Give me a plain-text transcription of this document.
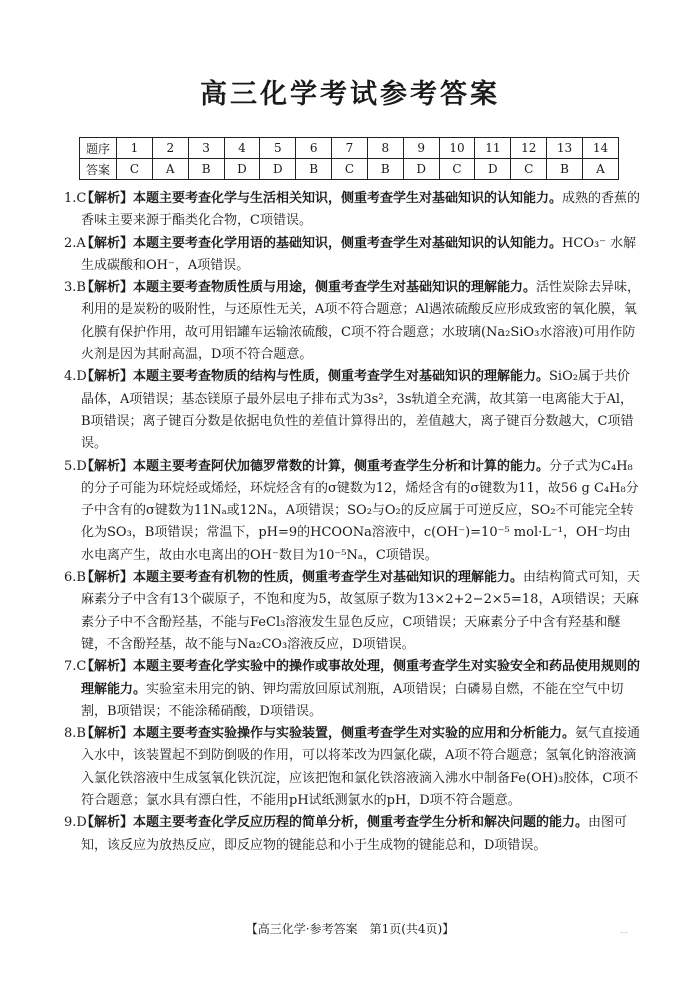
高三化学考试参考答案
题序	1	2	3	4	5	6	7	8	9	10	11	12	13	14
答案	C	A	B	D	D	B	C	B	D	C	D	C	B	A
1.C
【解析】本题主要考查化学与生活相关知识，侧重考查学生对基础知识的认知能力。成熟的香蕉的香味主要来源于酯类化合物，C项错误。
2.A
【解析】本题主要考查化学用语的基础知识，侧重考查学生对基础知识的认知能力。HCO₃⁻ 水解生成碳酸和OH⁻，A项错误。
3.B
【解析】本题主要考查物质性质与用途，侧重考查学生对基础知识的理解能力。活性炭除去异味，利用的是炭粉的吸附性，与还原性无关，A项不符合题意；Al遇浓硫酸反应形成致密的氧化膜，氧化膜有保护作用，故可用铝罐车运输浓硫酸，C项不符合题意；水玻璃(Na₂SiO₃水溶液)可用作防火剂是因为其耐高温，D项不符合题意。
4.D
【解析】本题主要考查物质的结构与性质，侧重考查学生对基础知识的理解能力。SiO₂属于共价晶体，A项错误；基态镁原子最外层电子排布式为3s²，3s轨道全充满，故其第一电离能大于Al，B项错误；离子键百分数是依据电负性的差值计算得出的，差值越大，离子键百分数越大，C项错误。
5.D
【解析】本题主要考查阿伏加德罗常数的计算，侧重考查学生分析和计算的能力。分子式为C₄H₈的分子可能为环烷烃或烯烃，环烷烃含有的σ键数为12，烯烃含有的σ键数为11，故56 g C₄H₈分子中含有的σ键数为11Nₐ或12Nₐ，A项错误；SO₂与O₂的反应属于可逆反应，SO₂不可能完全转化为SO₃，B项错误；常温下，pH=9的HCOONa溶液中，c(OH⁻)=10⁻⁵ mol·L⁻¹，OH⁻均由水电离产生，故由水电离出的OH⁻数目为10⁻⁵Nₐ，C项错误。
6.B
【解析】本题主要考查有机物的性质，侧重考查学生对基础知识的理解能力。由结构简式可知，天麻素分子中含有13个碳原子，不饱和度为5，故氢原子数为13×2+2−2×5=18，A项错误；天麻素分子中不含酚羟基，不能与FeCl₃溶液发生显色反应，C项错误；天麻素分子中含有羟基和醚键，不含酚羟基，故不能与Na₂CO₃溶液反应，D项错误。
7.C
【解析】本题主要考查化学实验中的操作或事故处理，侧重考查学生对实验安全和药品使用规则的理解能力。实验室未用完的钠、钾均需放回原试剂瓶，A项错误；白磷易自燃，不能在空气中切割，B项错误；不能涂稀硝酸，D项错误。
8.B
【解析】本题主要考查实验操作与实验装置，侧重考查学生对实验的应用和分析能力。氨气直接通入水中，该装置起不到防倒吸的作用，可以将苯改为四氯化碳，A项不符合题意；氢氧化钠溶液滴入氯化铁溶液中生成氢氧化铁沉淀，应该把饱和氯化铁溶液滴入沸水中制备Fe(OH)₃胶体，C项不符合题意；氯水具有漂白性，不能用pH试纸测氯水的pH，D项不符合题意。
9.D
【解析】本题主要考查化学反应历程的简单分析，侧重考查学生分析和解决问题的能力。由图可知，该反应为放热反应，即反应物的键能总和小于生成物的键能总和，D项错误。
【高三化学·参考答案　第1页(共4页)】	…
